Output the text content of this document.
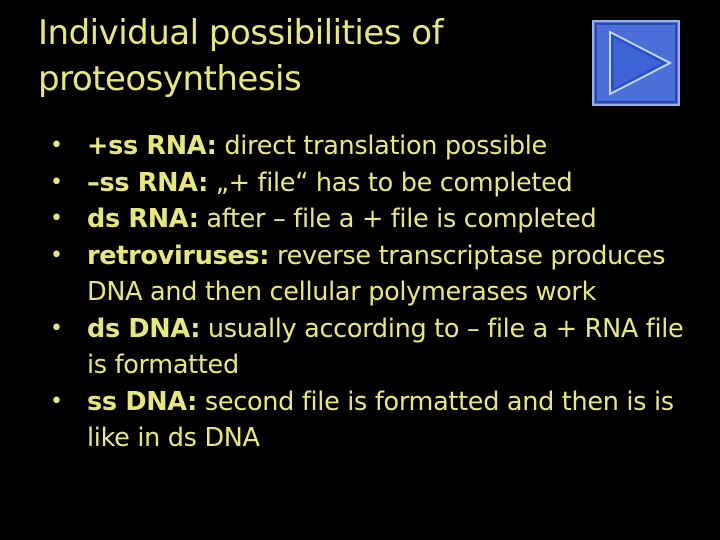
Individual possibilities of
proteosynthesis
• +ss RNA: direct translation possible
• –ss RNA: „+ file“ has to be completed
• ds RNA: after – file a + file is completed
• retroviruses: reverse transcriptase produces DNA and then cellular polymerases work
• ds DNA: usually according to – file a + RNA file is formatted
• ss DNA: second file is formatted and then is is like in ds DNA
